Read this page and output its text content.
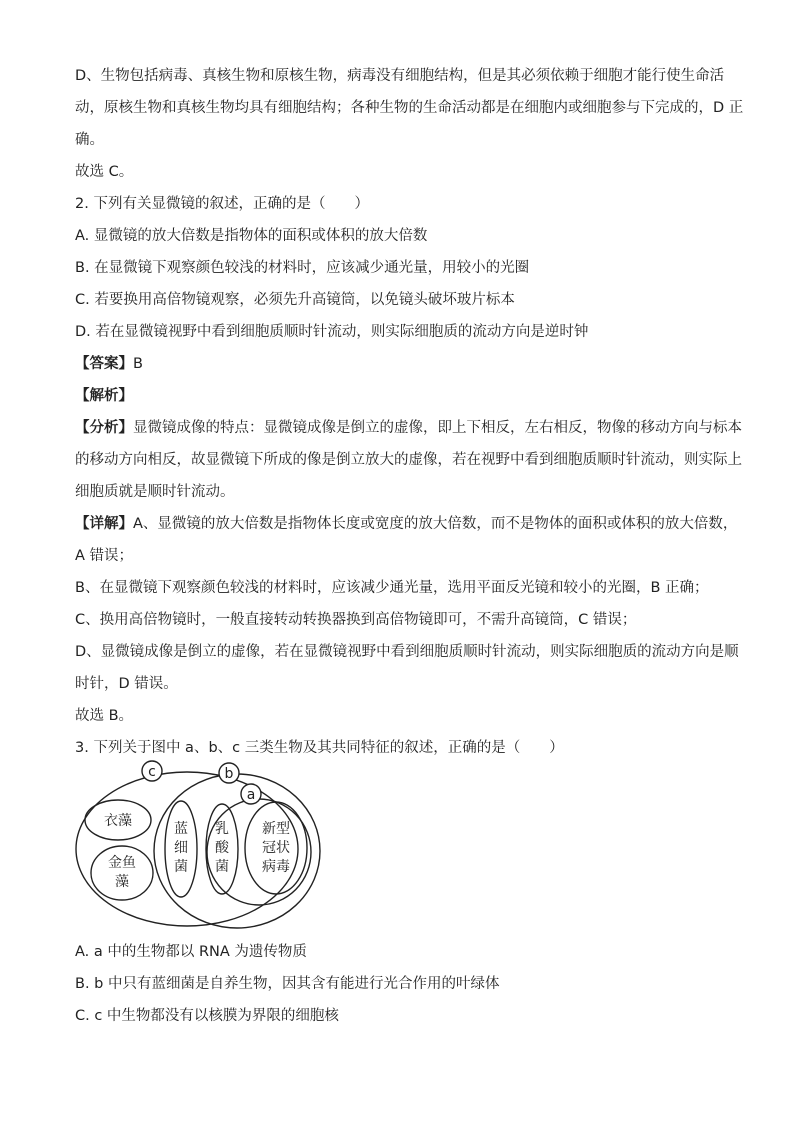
D、生物包括病毒、真核生物和原核生物，病毒没有细胞结构，但是其必须依赖于细胞才能行使生命活
动，原核生物和真核生物均具有细胞结构；各种生物的生命活动都是在细胞内或细胞参与下完成的，D 正
确。
故选 C。
2. 下列有关显微镜的叙述，正确的是（　　）
A. 显微镜的放大倍数是指物体的面积或体积的放大倍数
B. 在显微镜下观察颜色较浅的材料时，应该减少通光量，用较小的光圈
C. 若要换用高倍物镜观察，必须先升高镜筒，以免镜头破坏玻片标本
D. 若在显微镜视野中看到细胞质顺时针流动，则实际细胞质的流动方向是逆时钟
【答案】B
【解析】
【分析】显微镜成像的特点：显微镜成像是倒立的虚像，即上下相反，左右相反，物像的移动方向与标本
的移动方向相反，故显微镜下所成的像是倒立放大的虚像，若在视野中看到细胞质顺时针流动，则实际上
细胞质就是顺时针流动。
【详解】A、显微镜的放大倍数是指物体长度或宽度的放大倍数，而不是物体的面积或体积的放大倍数，
A 错误；
B、在显微镜下观察颜色较浅的材料时，应该减少通光量，选用平面反光镜和较小的光圈，B 正确；
C、换用高倍物镜时，一般直接转动转换器换到高倍物镜即可，不需升高镜筒，C 错误；
D、显微镜成像是倒立的虚像，若在显微镜视野中看到细胞质顺时针流动，则实际细胞质的流动方向是顺
时针，D 错误。
故选 B。
3. 下列关于图中 a、b、c 三类生物及其共同特征的叙述，正确的是（　　）
c	b
a
衣藻
金鱼
藻
蓝
细
菌
乳
酸
菌
新型
冠状
病毒
A. a 中的生物都以 RNA 为遗传物质
B. b 中只有蓝细菌是自养生物，因其含有能进行光合作用的叶绿体
C. c 中生物都没有以核膜为界限的细胞核
